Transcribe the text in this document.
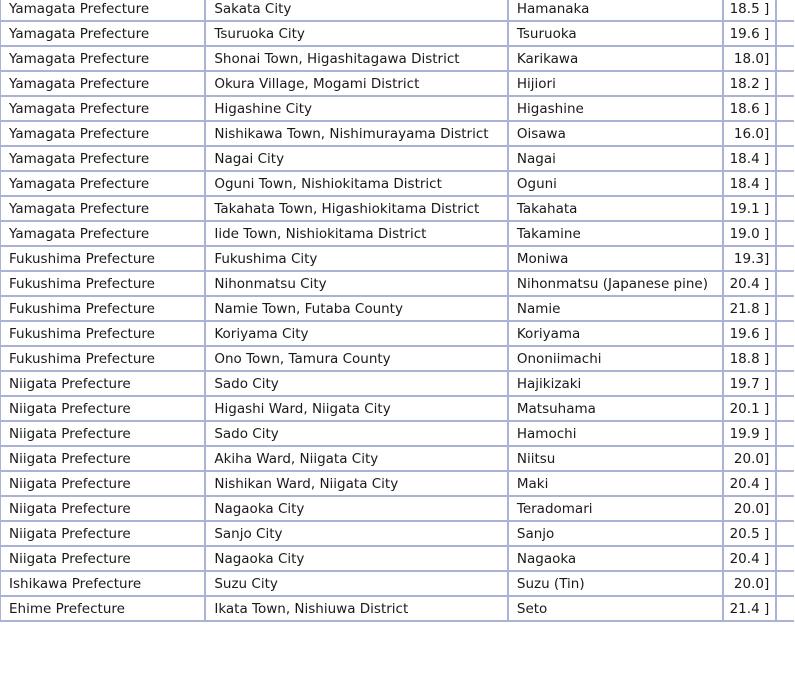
Yamagata Prefecture	Sakata City	Hamanaka	18.5 ]	
Yamagata Prefecture	Tsuruoka City	Tsuruoka	19.6 ]	
Yamagata Prefecture	Shonai Town, Higashitagawa District	Karikawa	18.0]	
Yamagata Prefecture	Okura Village, Mogami District	Hijiori	18.2 ]	
Yamagata Prefecture	Higashine City	Higashine	18.6 ]	
Yamagata Prefecture	Nishikawa Town, Nishimurayama District	Oisawa	16.0]	
Yamagata Prefecture	Nagai City	Nagai	18.4 ]	
Yamagata Prefecture	Oguni Town, Nishiokitama District	Oguni	18.4 ]	
Yamagata Prefecture	Takahata Town, Higashiokitama District	Takahata	19.1 ]	
Yamagata Prefecture	Iide Town, Nishiokitama District	Takamine	19.0 ]	
Fukushima Prefecture	Fukushima City	Moniwa	19.3]	
Fukushima Prefecture	Nihonmatsu City	Nihonmatsu (Japanese pine)	20.4 ]	
Fukushima Prefecture	Namie Town, Futaba County	Namie	21.8 ]	
Fukushima Prefecture	Koriyama City	Koriyama	19.6 ]	
Fukushima Prefecture	Ono Town, Tamura County	Ononiimachi	18.8 ]	
Niigata Prefecture	Sado City	Hajikizaki	19.7 ]	
Niigata Prefecture	Higashi Ward, Niigata City	Matsuhama	20.1 ]	
Niigata Prefecture	Sado City	Hamochi	19.9 ]	
Niigata Prefecture	Akiha Ward, Niigata City	Niitsu	20.0]	
Niigata Prefecture	Nishikan Ward, Niigata City	Maki	20.4 ]	
Niigata Prefecture	Nagaoka City	Teradomari	20.0]	
Niigata Prefecture	Sanjo City	Sanjo	20.5 ]	
Niigata Prefecture	Nagaoka City	Nagaoka	20.4 ]	
Ishikawa Prefecture	Suzu City	Suzu (Tin)	20.0]	
Ehime Prefecture	Ikata Town, Nishiuwa District	Seto	21.4 ]	
